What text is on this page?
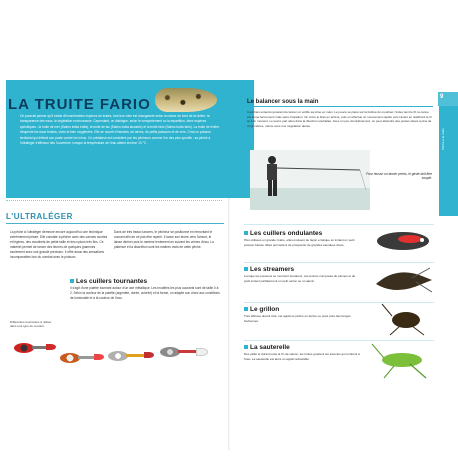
LA TRUITE FARIO
On pourrait penser qu'il existe d'innombrables espèces de truites, tant leur robe est changeante selon la nature du fond de la rivière, la transparence des eaux, la végétation environnante. Cependant, on distingue, selon le comportement ou la répartition, deux espèces spécifiques : la truite de mer (Salmo trutta trutta), la truite de lac (Salmo trutta lacustris) et la truite fario (Salmo trutta fario). La truite de rivière fréquente les eaux froides, vives et bien oxygénées. Elle se nourrit d'insectes, de larves, de petits poissons et de vers. C'est un poisson territorial qui défend son poste contre les intrus. Ce prédateur est considéré par les pêcheurs comme l'un des plus sportifs ; sa pêche à l'ultraléger s'effectue dès l'ouverture, lorsque la température de l'eau atteint environ 10 °C.
L'ULTRALÉGER
La pêche à l'ultraléger demeure encore aujourd'hui une technique extrêmement prisée. Elle consiste à pêcher avec des cannes courtes et légères, des moulinets de petite taille et des nylons très fins. Ce matériel permet de lancer des leurres de quelques grammes seulement avec une grande précision. Il offre aussi des sensations incomparables lors du combat avec le poisson.
Dans de très beaux lancers, le pêcheur se positionne en remontant le courant afin de ne pas être repéré. Il lance son leurre vers l'amont, le laisse dériver puis le ramène lentement en suivant les veines d'eau. La patience et la discrétion sont les maîtres mots de cette pêche.
Les cuillers tournantes
Il s'agit d'une palette tournant autour d'un axe métallique. Les modèles les plus courants sont de taille 0 à 2. Selon la couleur de la palette (argentée, dorée, cuivrée) et la forme, on adapte son choix aux conditions de luminosité et à la couleur de l'eau.
Différentes tournantes à utiliser dans tout type de courant.
9
Pêche à la truite
Le balancer sous la main
Il est bien entendu qu'avant de lancer on vérifie sa prise en main. Le pouce se place sur la bobine du moulinet, l'index tient le fil, la canne est tenue fermement mais sans crispation. On arme le bras en arrière, puis on effectue un mouvement rapide vers l'avant en relâchant le fil au bon moment. Le leurre part alors dans la direction souhaitée. Avec un peu d'entraînement, on peut atteindre des postes situés à plus de vingt mètres, même sous une végétation dense.
Pour réussir un lancer précis, le geste doit être souple.
Les cuillers ondulantes
Plus utilisées en grande rivière, elles évoluent de façon erratique en imitant un petit poisson blessé. Elles permettent de prospecter de grandes étendues d'eau.
Les streamers
Lorsque les poissons se montrent boudeurs, ces leurres composés de plumes et de poils imitent parfaitement un petit vairon ou un alevin.
Le grillon
Très efficace durant l'été, cet appât se pêche en dérive ou posé près des berges herbeuses.
La sauterelle
Dès juillet et durant toute la fin de saison, les truites guettent les insectes qui tombent à l'eau. La sauterelle est alors un appât redoutable.
